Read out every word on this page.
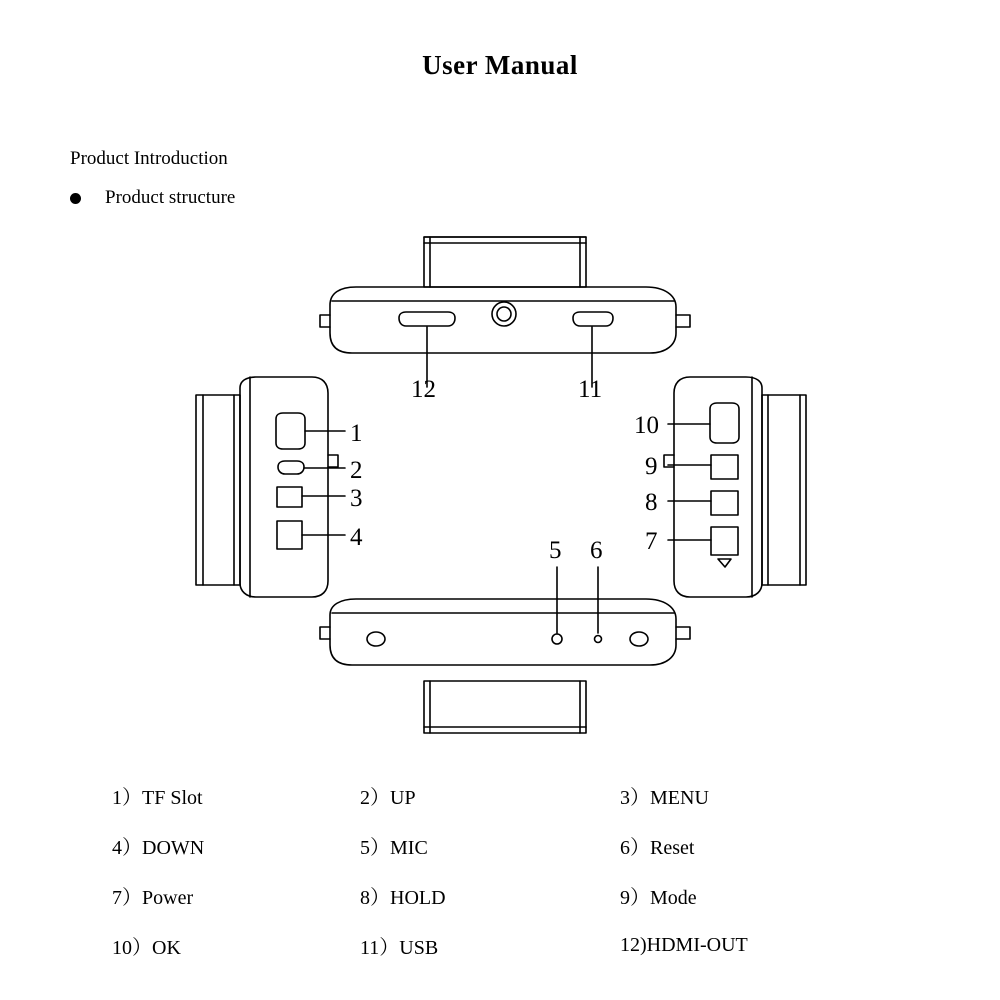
User Manual
Product Introduction
Product structure
1
2
3
4	5 6 7
8
9
10
11
12
1）TF Slot	2）UP	3）MENU
4）DOWN	5）MIC	6）Reset
7）Power	8）HOLD	9）Mode
10）OK	11）USB	12)HDMI-OUT
